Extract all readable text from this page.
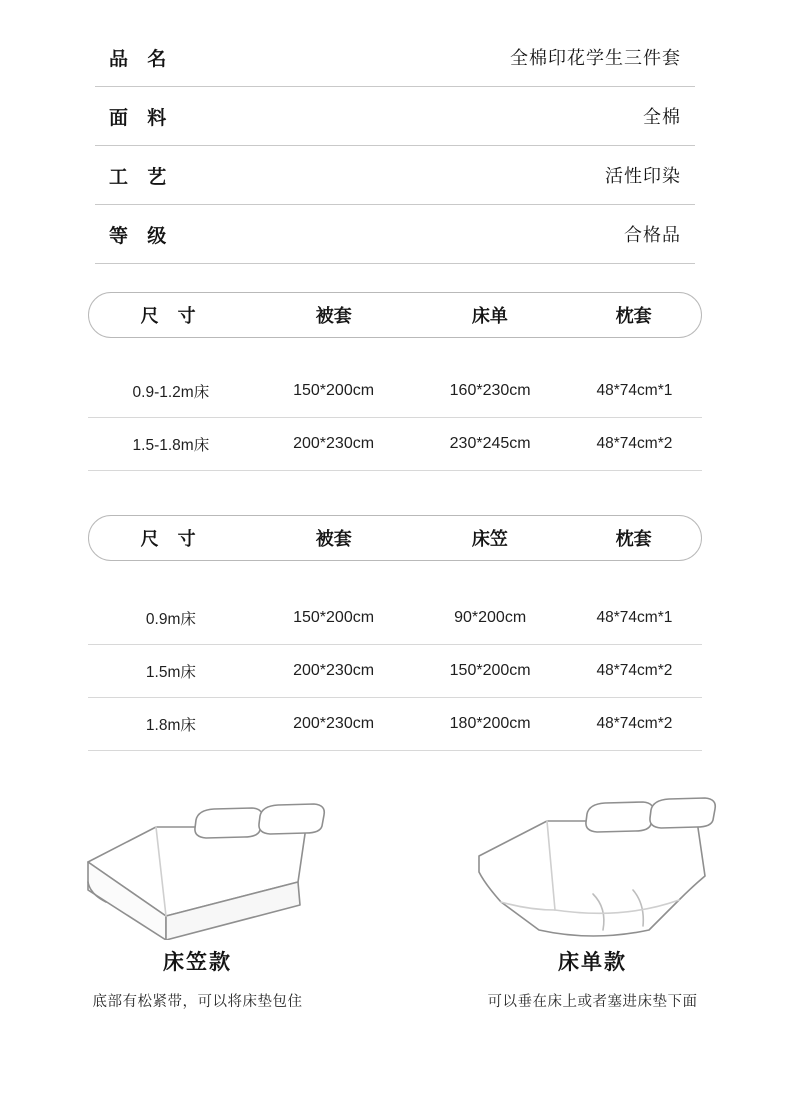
品 名	全棉印花学生三件套
面 料	全棉
工 艺	活性印染
等 级	合格品
尺 寸	被套	床单	枕套
0.9-1.2m床	150*200cm	160*230cm	48*74cm*1
1.5-1.8m床	200*230cm	230*245cm	48*74cm*2
尺 寸	被套	床笠	枕套
0.9m床	150*200cm	90*200cm	48*74cm*1
1.5m床	200*230cm	150*200cm	48*74cm*2
1.8m床	200*230cm	180*200cm	48*74cm*2
床笠款
底部有松紧带，可以将床垫包住
床单款
可以垂在床上或者塞进床垫下面
